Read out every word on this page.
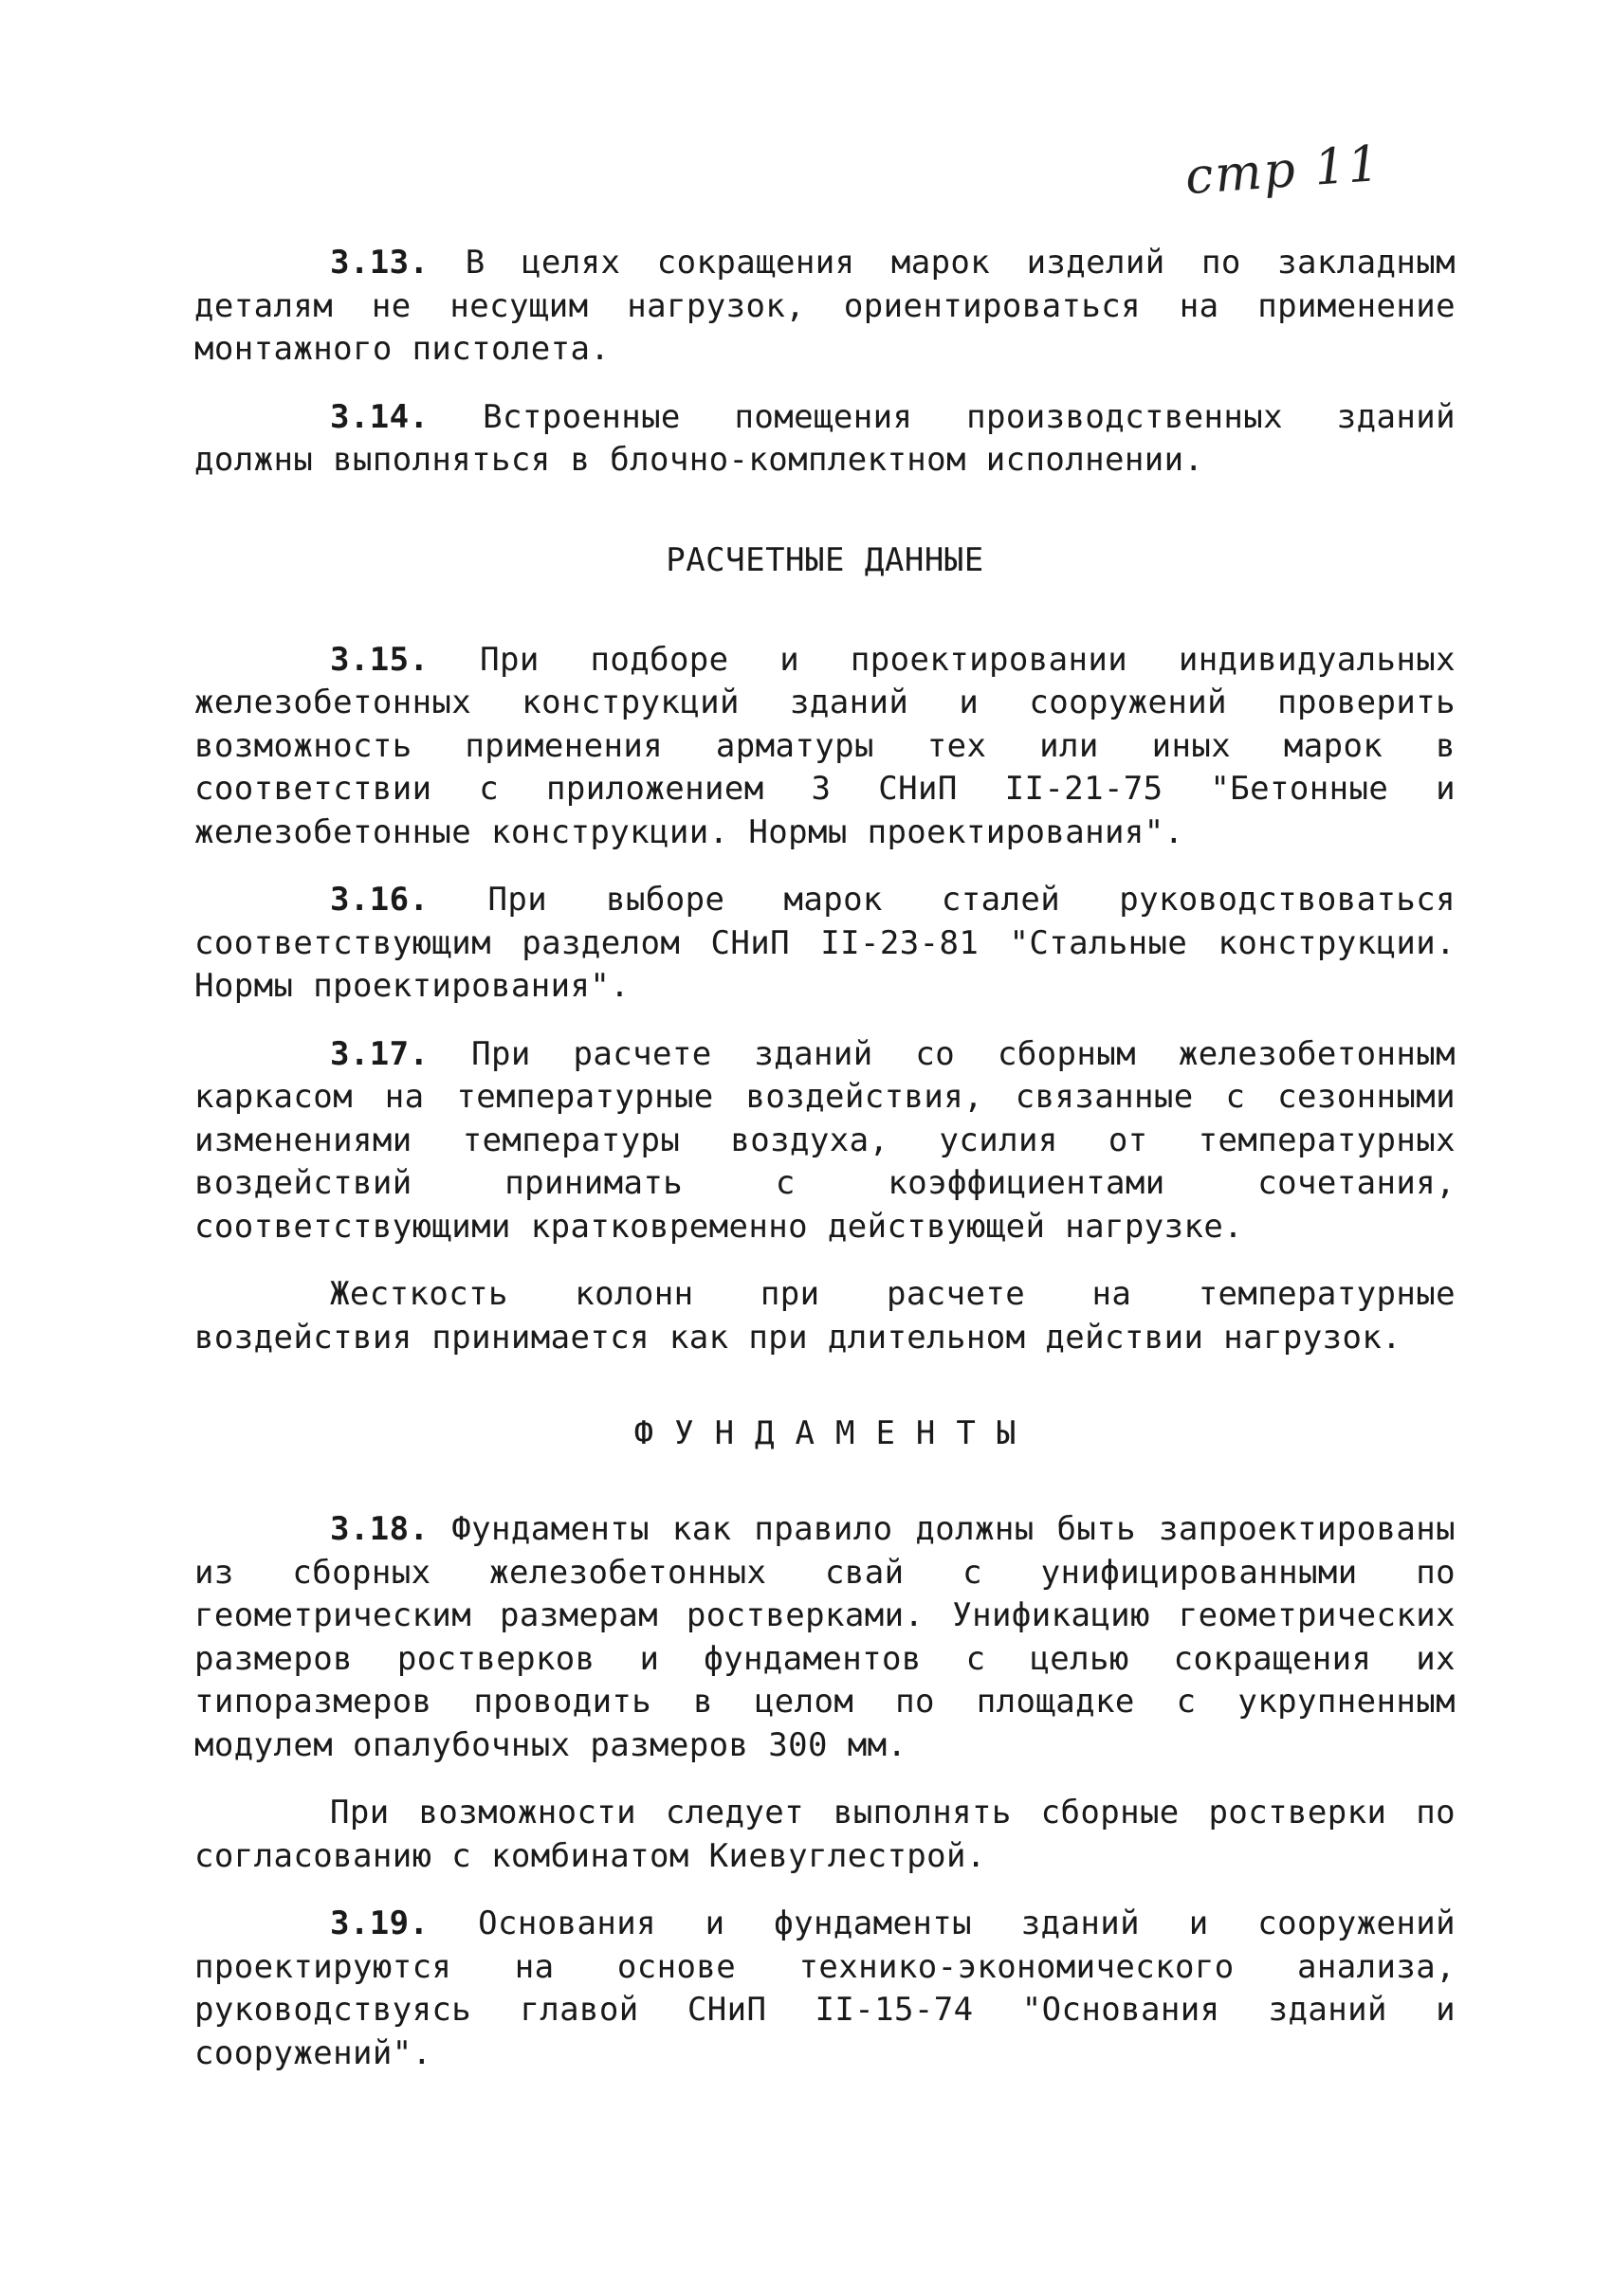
стр 11

3.13. В целях сокращения марок изделий по закладным деталям не несущим нагрузок, ориентироваться на применение монтажного пистолета.

3.14. Встроенные помещения производственных зданий должны выполняться в блочно-комплектном исполнении.

РАСЧЕТНЫЕ ДАННЫЕ

3.15. При подборе и проектировании индивидуальных железобетонных конструкций зданий и сооружений проверить возможность применения арматуры тех или иных марок в соответствии с приложением 3 СНиП II-21-75 "Бетонные и железобетонные конструкции. Нормы проектирования".

3.16. При выборе марок сталей руководствоваться соответствующим разделом СНиП II-23-81 "Стальные конструкции. Нормы проектирования".

3.17. При расчете зданий со сборным железобетонным каркасом на температурные воздействия, связанные с сезонными изменениями температуры воздуха, усилия от температурных воздействий принимать с коэффициентами сочетания, соответствующими кратковременно действующей нагрузке.

Жесткость колонн при расчете на температурные воздействия принимается как при длительном действии нагрузок.

ФУНДАМЕНТЫ

3.18. Фундаменты как правило должны быть запроектированы из сборных железобетонных свай с унифицированными по геометрическим размерам ростверками. Унификацию геометрических размеров ростверков и фундаментов с целью сокращения их типоразмеров проводить в целом по площадке с укрупненным модулем опалубочных размеров 300 мм.

При возможности следует выполнять сборные ростверки по согласованию с комбинатом Киевуглестрой.

3.19. Основания и фундаменты зданий и сооружений проектируются на основе технико-экономического анализа, руководствуясь главой СНиП II-15-74 "Основания зданий и сооружений".
